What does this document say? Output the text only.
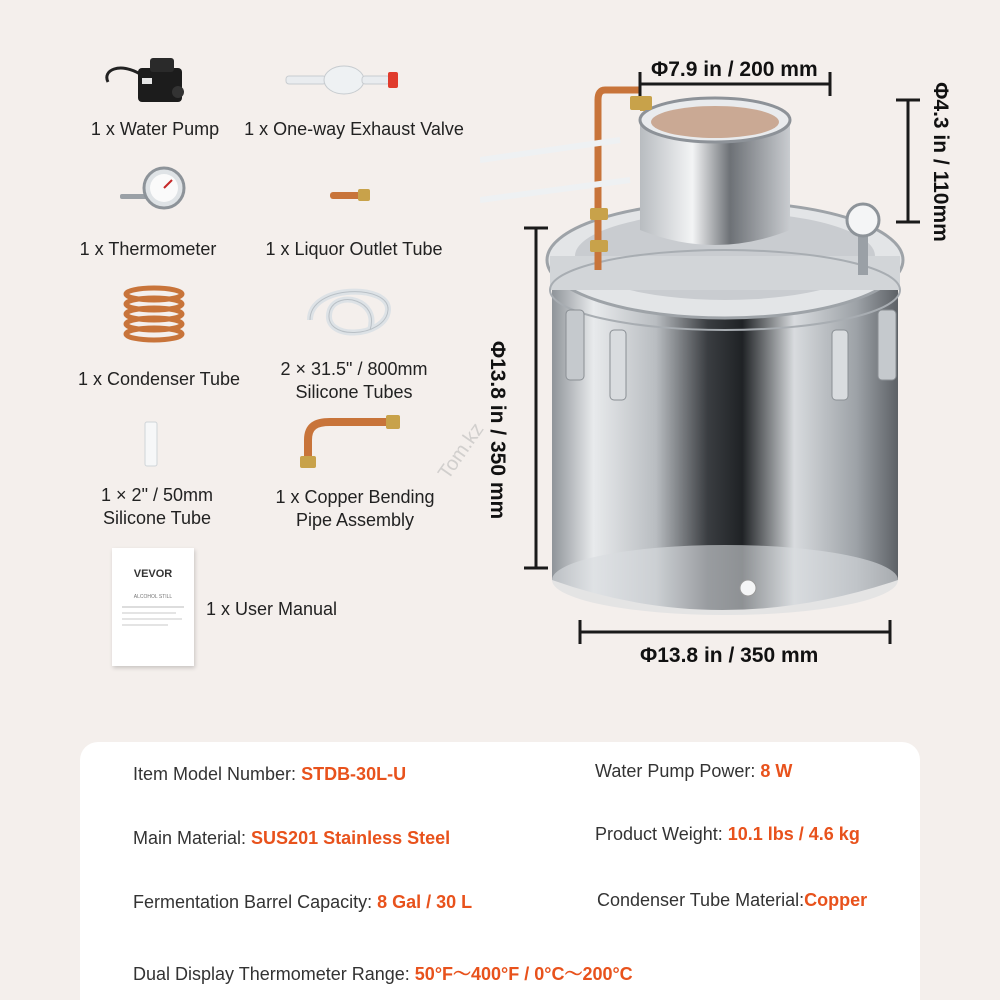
1 x Water Pump	1 x One-way Exhaust Valve
1 x Thermometer	1 x Liquor Outlet Tube
1 x Condenser Tube	2 × 31.5" / 800mm
Silicone Tubes
1 × 2" / 50mm
Silicone Tube
1 x Copper Bending
Pipe Assembly
VEVOR
ALCOHOL STILL
1 x User Manual
Φ7.9 in / 200 mm
Φ4.3 in / 110mm
Φ13.8 in / 350 mm
Φ13.8 in / 350 mm
Tom.kz
Item Model Number: STDB-30L-U	Water Pump Power: 8 W
Main Material: SUS201 Stainless Steel	Product Weight: 10.1 lbs / 4.6 kg
Fermentation Barrel Capacity: 8 Gal / 30 L	Condenser Tube Material:Copper
Dual Display Thermometer Range: 50°F～400°F / 0°C～200°C
